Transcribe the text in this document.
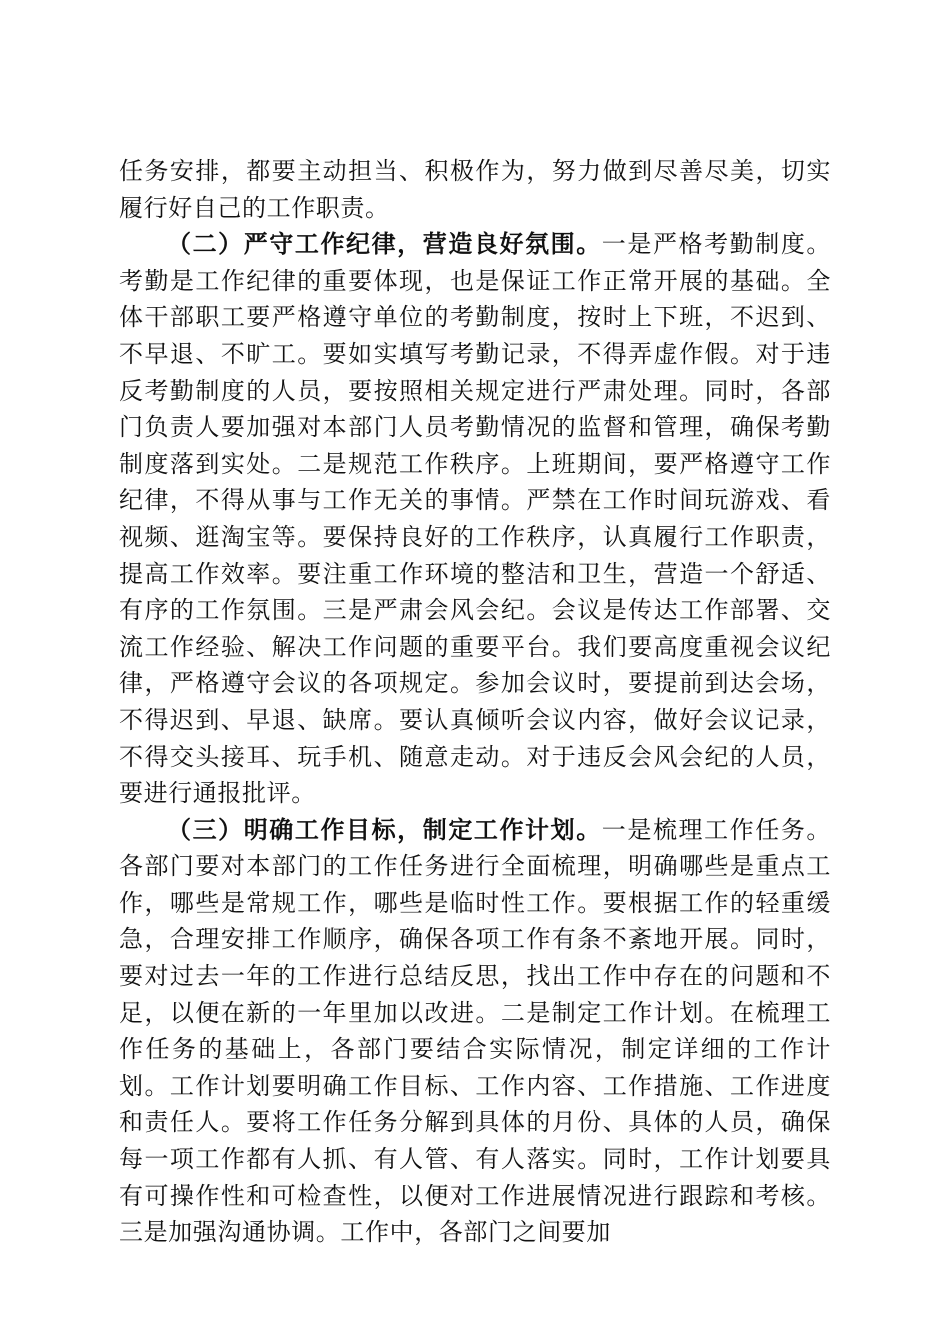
任务安排，都要主动担当、积极作为，努力做到尽善尽美，切实履行好自己的工作职责。

（二）严守工作纪律，营造良好氛围。一是严格考勤制度。考勤是工作纪律的重要体现，也是保证工作正常开展的基础。全体干部职工要严格遵守单位的考勤制度，按时上下班，不迟到、不早退、不旷工。要如实填写考勤记录，不得弄虚作假。对于违反考勤制度的人员，要按照相关规定进行严肃处理。同时，各部门负责人要加强对本部门人员考勤情况的监督和管理，确保考勤制度落到实处。二是规范工作秩序。上班期间，要严格遵守工作纪律，不得从事与工作无关的事情。严禁在工作时间玩游戏、看视频、逛淘宝等。要保持良好的工作秩序，认真履行工作职责，提高工作效率。要注重工作环境的整洁和卫生，营造一个舒适、有序的工作氛围。三是严肃会风会纪。会议是传达工作部署、交流工作经验、解决工作问题的重要平台。我们要高度重视会议纪律，严格遵守会议的各项规定。参加会议时，要提前到达会场，不得迟到、早退、缺席。要认真倾听会议内容，做好会议记录，不得交头接耳、玩手机、随意走动。对于违反会风会纪的人员，要进行通报批评。

（三）明确工作目标，制定工作计划。一是梳理工作任务。各部门要对本部门的工作任务进行全面梳理，明确哪些是重点工作，哪些是常规工作，哪些是临时性工作。要根据工作的轻重缓急，合理安排工作顺序，确保各项工作有条不紊地开展。同时，要对过去一年的工作进行总结反思，找出工作中存在的问题和不足，以便在新的一年里加以改进。二是制定工作计划。在梳理工作任务的基础上，各部门要结合实际情况，制定详细的工作计划。工作计划要明确工作目标、工作内容、工作措施、工作进度和责任人。要将工作任务分解到具体的月份、具体的人员，确保每一项工作都有人抓、有人管、有人落实。同时，工作计划要具有可操作性和可检查性，以便对工作进展情况进行跟踪和考核。三是加强沟通协调。工作中，各部门之间要加
